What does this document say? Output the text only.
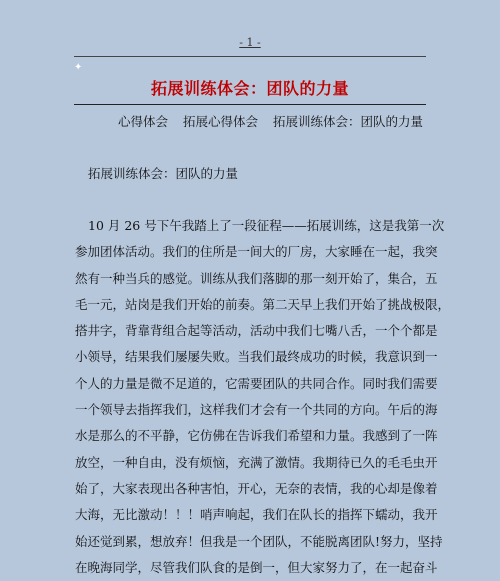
- 1 -
✦
拓展训练体会：团队的力量
心得体会 拓展心得体会 拓展训练体会：团队的力量
拓展训练体会：团队的力量
10 月 26 号下午我踏上了一段征程——拓展训练，这是我第一次
参加团体活动。我们的住所是一间大的厂房，大家睡在一起，我突
然有一种当兵的感觉。训练从我们落脚的那一刻开始了，集合，五
毛一元，站岗是我们开始的前奏。第二天早上我们开始了挑战极限，
搭井字，背靠背组合起等活动，活动中我们七嘴八舌，一个个都是
小领导，结果我们屡屡失败。当我们最终成功的时候，我意识到一
个人的力量是微不足道的，它需要团队的共同合作。同时我们需要
一个领导去指挥我们，这样我们才会有一个共同的方向。午后的海
水是那么的不平静，它仿佛在告诉我们希望和力量。我感到了一阵
放空，一种自由，没有烦恼，充满了激情。我期待已久的毛毛虫开
始了，大家表现出各种害怕，开心，无奈的表情，我的心却是像着
大海，无比激动！！！哨声响起，我们在队长的指挥下蠕动，我开
始还觉到累，想放弃！但我是一个团队，不能脱离团队!努力，坚持
在晚海同学，尽管我们队食的是倒一，但大家努力了，在一起奋斗
